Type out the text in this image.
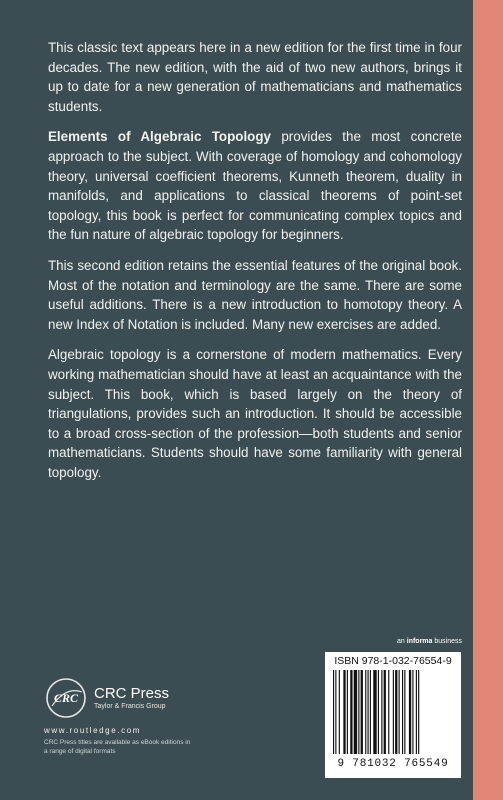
This classic text appears here in a new edition for the first time in four decades. The new edition, with the aid of two new authors, brings it up to date for a new generation of mathematicians and mathematics students.

Elements of Algebraic Topology provides the most concrete approach to the subject. With coverage of homology and cohomology theory, universal coefficient theorems, Kunneth theorem, duality in manifolds, and applications to classical theorems of point-set topology, this book is perfect for communicating complex topics and the fun nature of algebraic topology for beginners.

This second edition retains the essential features of the original book. Most of the notation and terminology are the same. There are some useful additions. There is a new introduction to homotopy theory. A new Index of Notation is included. Many new exercises are added.

Algebraic topology is a cornerstone of modern mathematics. Every working mathematician should have at least an acquaintance with the subject. This book, which is based largely on the theory of triangulations, provides such an introduction. It should be accessible to a broad cross-section of the profession—both students and senior mathematicians. Students should have some familiarity with general topology.

an informa business
ISBN 978-1-032-76554-9
9 781032 765549
CRC CRC Press
Taylor & Francis Group
www.routledge.com
CRC Press titles are available as eBook editions in a range of digital formats
